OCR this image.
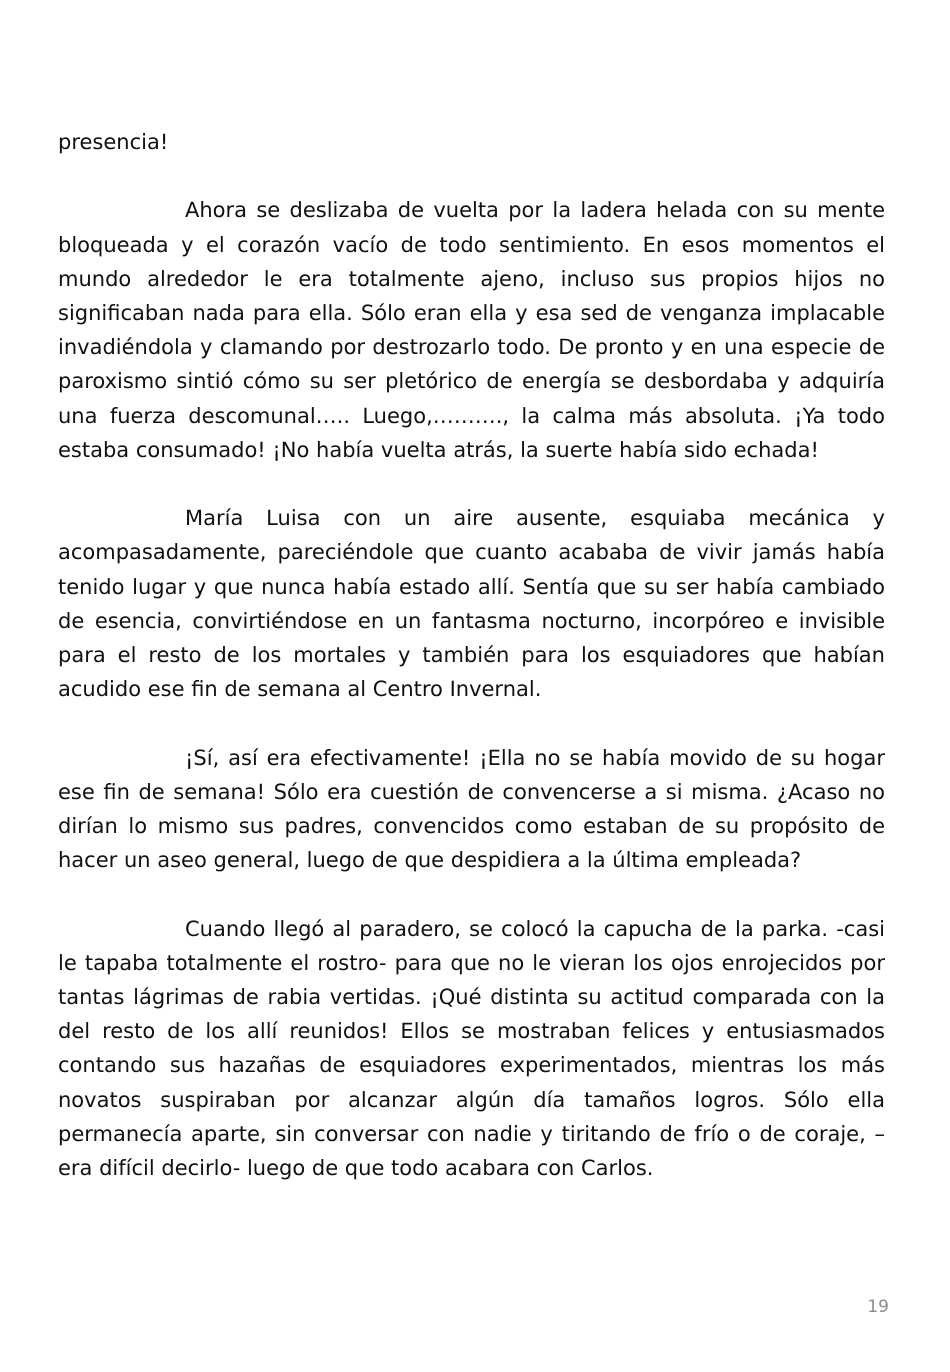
presencia!

Ahora se deslizaba de vuelta por la ladera helada con su mente bloqueada y el corazón vacío de todo sentimiento. En esos momentos el mundo alrededor le era totalmente ajeno, incluso sus propios hijos no significaban nada para ella. Sólo eran ella y esa sed de venganza implacable invadiéndola y clamando por destrozarlo todo. De pronto y en una especie de paroxismo sintió cómo su ser pletórico de energía se desbordaba y adquiría una fuerza descomunal….. Luego,………., la calma más absoluta. ¡Ya todo estaba consumado! ¡No había vuelta atrás, la suerte había sido echada!

María Luisa con un aire ausente, esquiaba mecánica y acompasadamente, pareciéndole que cuanto acababa de vivir jamás había tenido lugar y que nunca había estado allí. Sentía que su ser había cambiado de esencia, convirtiéndose en un fantasma nocturno, incorpóreo e invisible para el resto de los mortales y también para los esquiadores que habían acudido ese fin de semana al Centro Invernal.

¡Sí, así era efectivamente! ¡Ella no se había movido de su hogar ese fin de semana! Sólo era cuestión de convencerse a si misma. ¿Acaso no dirían lo mismo sus padres, convencidos como estaban de su propósito de hacer un aseo general, luego de que despidiera a la última empleada?

Cuando llegó al paradero, se colocó la capucha de la parka. -casi le tapaba totalmente el rostro- para que no le vieran los ojos enrojecidos por tantas lágrimas de rabia vertidas. ¡Qué distinta su actitud comparada con la del resto de los allí reunidos! Ellos se mostraban felices y entusiasmados contando sus hazañas de esquiadores experimentados, mientras los más novatos suspiraban por alcanzar algún día tamaños logros. Sólo ella permanecía aparte, sin conversar con nadie y tiritando de frío o de coraje, –era difícil decirlo- luego de que todo acabara con Carlos.

19
